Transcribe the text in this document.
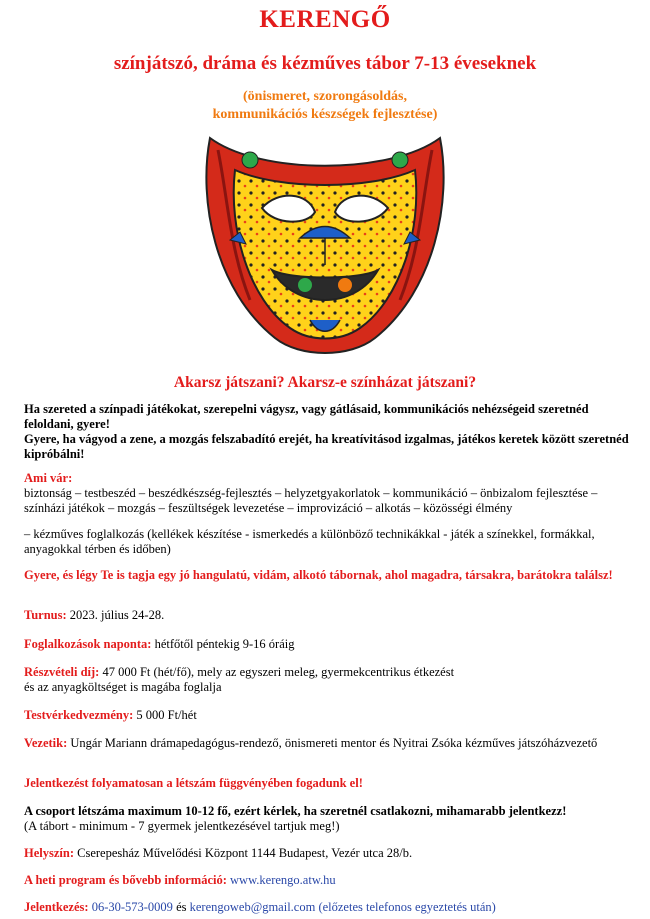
KERENGŐ
színjátszó, dráma és kézműves tábor 7-13 éveseknek
(önismeret, szorongásoldás,
kommunikációs készségek fejlesztése)
Akarsz játszani? Akarsz-e színházat játszani?
Ha szereted a színpadi játékokat, szerepelni vágysz, vagy gátlásaid, kommunikációs nehézségeid szeretnéd feloldani, gyere!
Gyere, ha vágyod a zene, a mozgás felszabadító erejét, ha kreatívitásod izgalmas, játékos keretek között szeretnéd kipróbálni!
Ami vár:
biztonság – testbeszéd – beszédkészség-fejlesztés – helyzetgyakorlatok – kommunikáció – önbizalom fejlesztése – színházi játékok – mozgás – feszültségek levezetése – improvizáció – alkotás – közösségi élmény
– kézműves foglalkozás (kellékek készítése - ismerkedés a különböző technikákkal - játék a színekkel, formákkal, anyagokkal térben és időben)
Gyere, és légy Te is tagja egy jó hangulatú, vidám, alkotó tábornak, ahol magadra, társakra, barátokra találsz!
Turnus: 2023. július 24-28.
Foglalkozások naponta: hétfőtől péntekig 9-16 óráig
Részvételi díj: 47 000 Ft (hét/fő), mely az egyszeri meleg, gyermekcentrikus étkezést
és az anyagköltséget is magába foglalja
Testvérkedvezmény: 5 000 Ft/hét
Vezetik: Ungár Mariann drámapedagógus-rendező, önismereti mentor és Nyitrai Zsóka kézműves játszóházvezető
Jelentkezést folyamatosan a létszám függvényében fogadunk el!
A csoport létszáma maximum 10-12 fő, ezért kérlek, ha szeretnél csatlakozni, mihamarabb jelentkezz!
(A tábort - minimum - 7 gyermek jelentkezésével tartjuk meg!)
Helyszín: Cserepesház Művelődési Központ 1144 Budapest, Vezér utca 28/b.
A heti program és bővebb információ: www.kerengo.atw.hu
Jelentkezés: 06-30-573-0009 és kerengoweb@gmail.com (előzetes telefonos egyeztetés után)
